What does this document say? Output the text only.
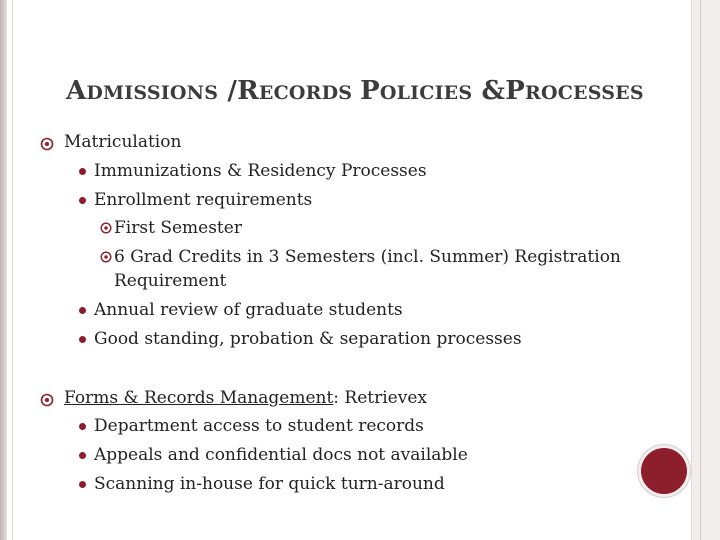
ADMISSIONS /RECORDS POLICIES &PROCESSES
Matriculation
Immunizations & Residency Processes
Enrollment requirements
First Semester
6 Grad Credits in 3 Semesters (incl. Summer) Registration
Requirement
Annual review of graduate students
Good standing, probation & separation processes
Forms & Records Management: Retrievex
Department access to student records
Appeals and confidential docs not available
Scanning in-house for quick turn-around
